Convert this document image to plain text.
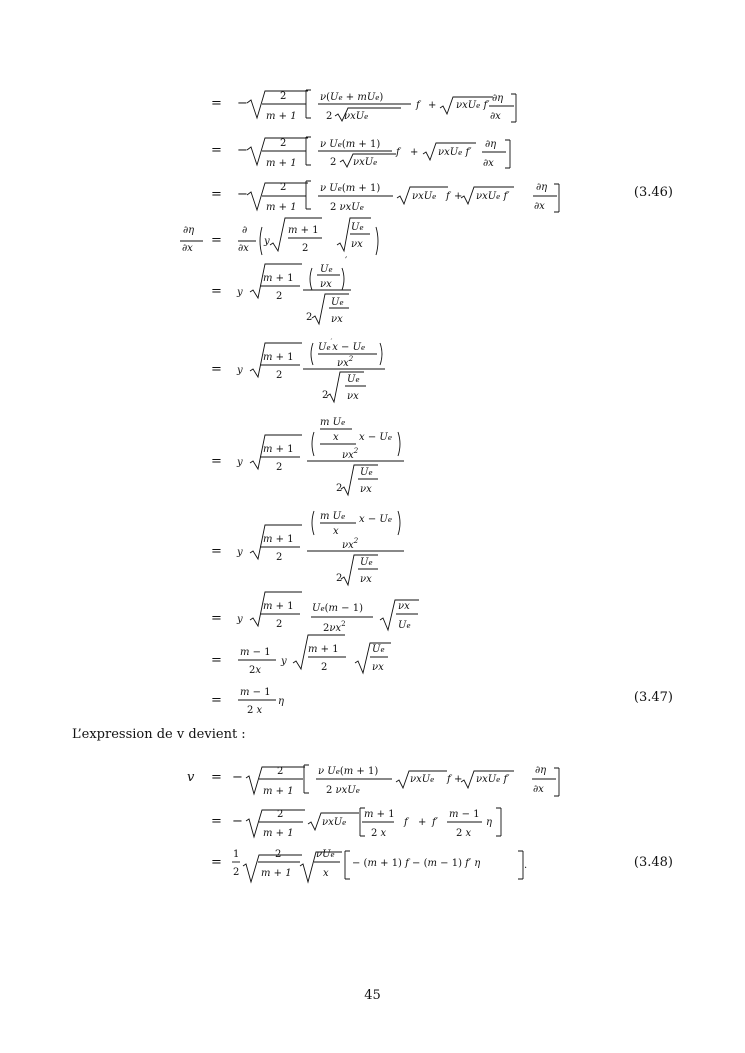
= −	2
m + 1
ν(Ue + mUe)
2 νxUe
f + νxUe f′
∂η
∂x
= −	2
m + 1
ν Ue(m + 1)
2 νxUe
f + νxUe f′
∂η
∂x
= −	2
m + 1
ν Ue(m + 1)
2 νxUe
νxUe f + νxUe f′
∂η
∂x
(3.46)
∂η
∂x
=
∂
∂x
y
m + 1
2
Ue
νx
= y
m + 1
2
Ue
νx
′
2
Ue
νx
= y
m + 1
2
Ue′x − Ue
$\nu x^2$
2
Ue
νx
= y
m + 1
2
m Ue
x x − Ue
$\nu x^2$
2
Ue
νx
= y
m + 1
2
m Ue
x
x − Ue
$\nu x^2$
2
Ue
νx
= y
m + 1
2
Ue(m − 1)
$2\nu x^2$
νx
Ue
=
m − 1
2x
y
m + 1
2
Ue
νx
=
m − 1
2 x
η	(3.47)
L’expression de v devient :
v = −	2
m + 1
ν Ue(m + 1)
2 νxUe
νxUe f + νxUe f′
∂η
∂x
= −	2
m + 1
νxUe
m + 1
2 x
f + f′
m − 1
2 x
η
=
1
2
2
m + 1
νUe
x
− (m + 1) f − (m − 1) f′ η	.	(3.48)
45
